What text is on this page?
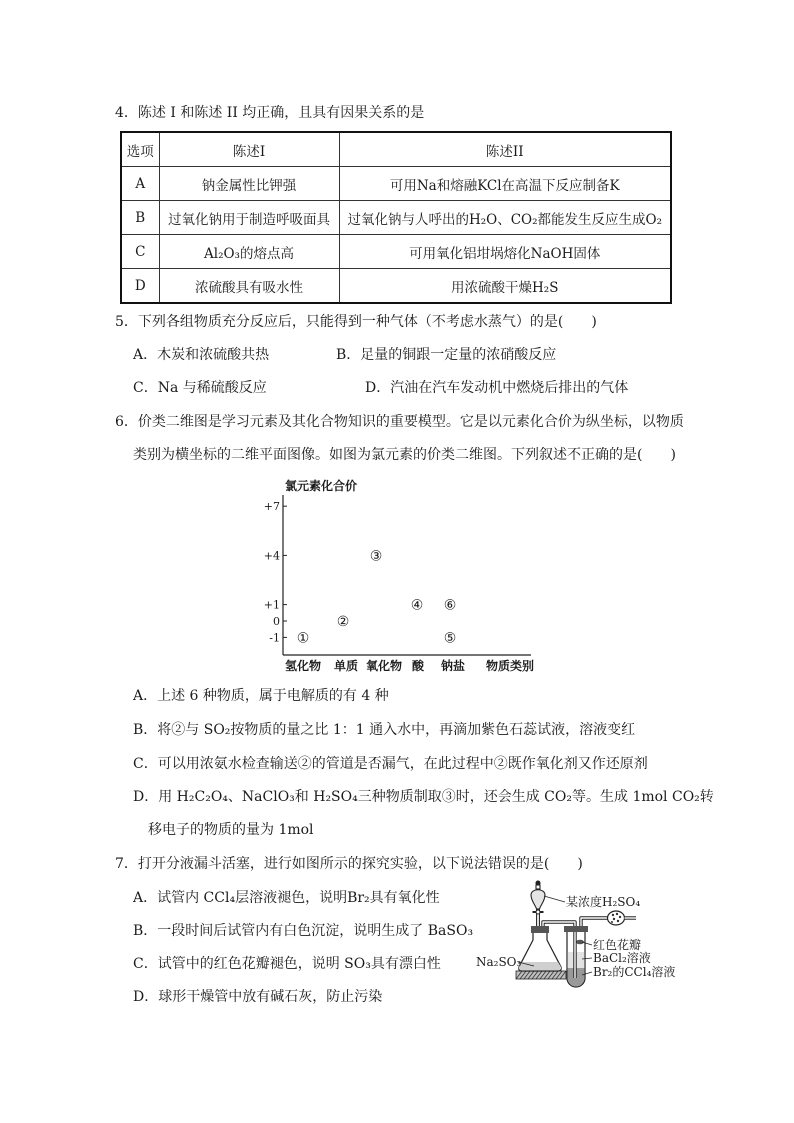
4．陈述 I 和陈述 II 均正确，且具有因果关系的是
选项	陈述I	陈述II
A	钠金属性比钾强	可用Na和熔融KCl在高温下反应制备K
B	过氧化钠用于制造呼吸面具	过氧化钠与人呼出的H₂O、CO₂都能发生反应生成O₂
C	Al₂O₃的熔点高	可用氧化铝坩埚熔化NaOH固体
D	浓硫酸具有吸水性	用浓硫酸干燥H₂S
5．下列各组物质充分反应后，只能得到一种气体（不考虑水蒸气）的是(　　)
A．木炭和浓硫酸共热	B．足量的铜跟一定量的浓硝酸反应
C．Na 与稀硫酸反应	D．汽油在汽车发动机中燃烧后排出的气体
6．价类二维图是学习元素及其化合物知识的重要模型。它是以元素化合价为纵坐标，以物质
类别为横坐标的二维平面图像。如图为氯元素的价类二维图。下列叙述不正确的是(　　)
氯元素化合价
+7
+4
+1
0
-1
氢化物 单质 氧化物 酸 钠盐 物质类别
①
②
③
④ ⑥
⑤
A．上述 6 种物质，属于电解质的有 4 种
B．将②与 SO₂按物质的量之比 1：1 通入水中，再滴加紫色石蕊试液，溶液变红
C．可以用浓氨水检查输送②的管道是否漏气，在此过程中②既作氧化剂又作还原剂
D．用 H₂C₂O₄、NaClO₃和 H₂SO₄三种物质制取③时，还会生成 CO₂等。生成 1mol CO₂转
移电子的物质的量为 1mol
7．打开分液漏斗活塞，进行如图所示的探究实验，以下说法错误的是(　　)
A．试管内 CCl₄层溶液褪色，说明Br₂具有氧化性
B．一段时间后试管内有白色沉淀，说明生成了 BaSO₃
C．试管中的红色花瓣褪色，说明 SO₃具有漂白性
D．球形干燥管中放有碱石灰，防止污染
某浓度H₂SO₄
Na₂SO₃
红色花瓣
BaCl₂溶液
Br₂的CCl₄溶液
